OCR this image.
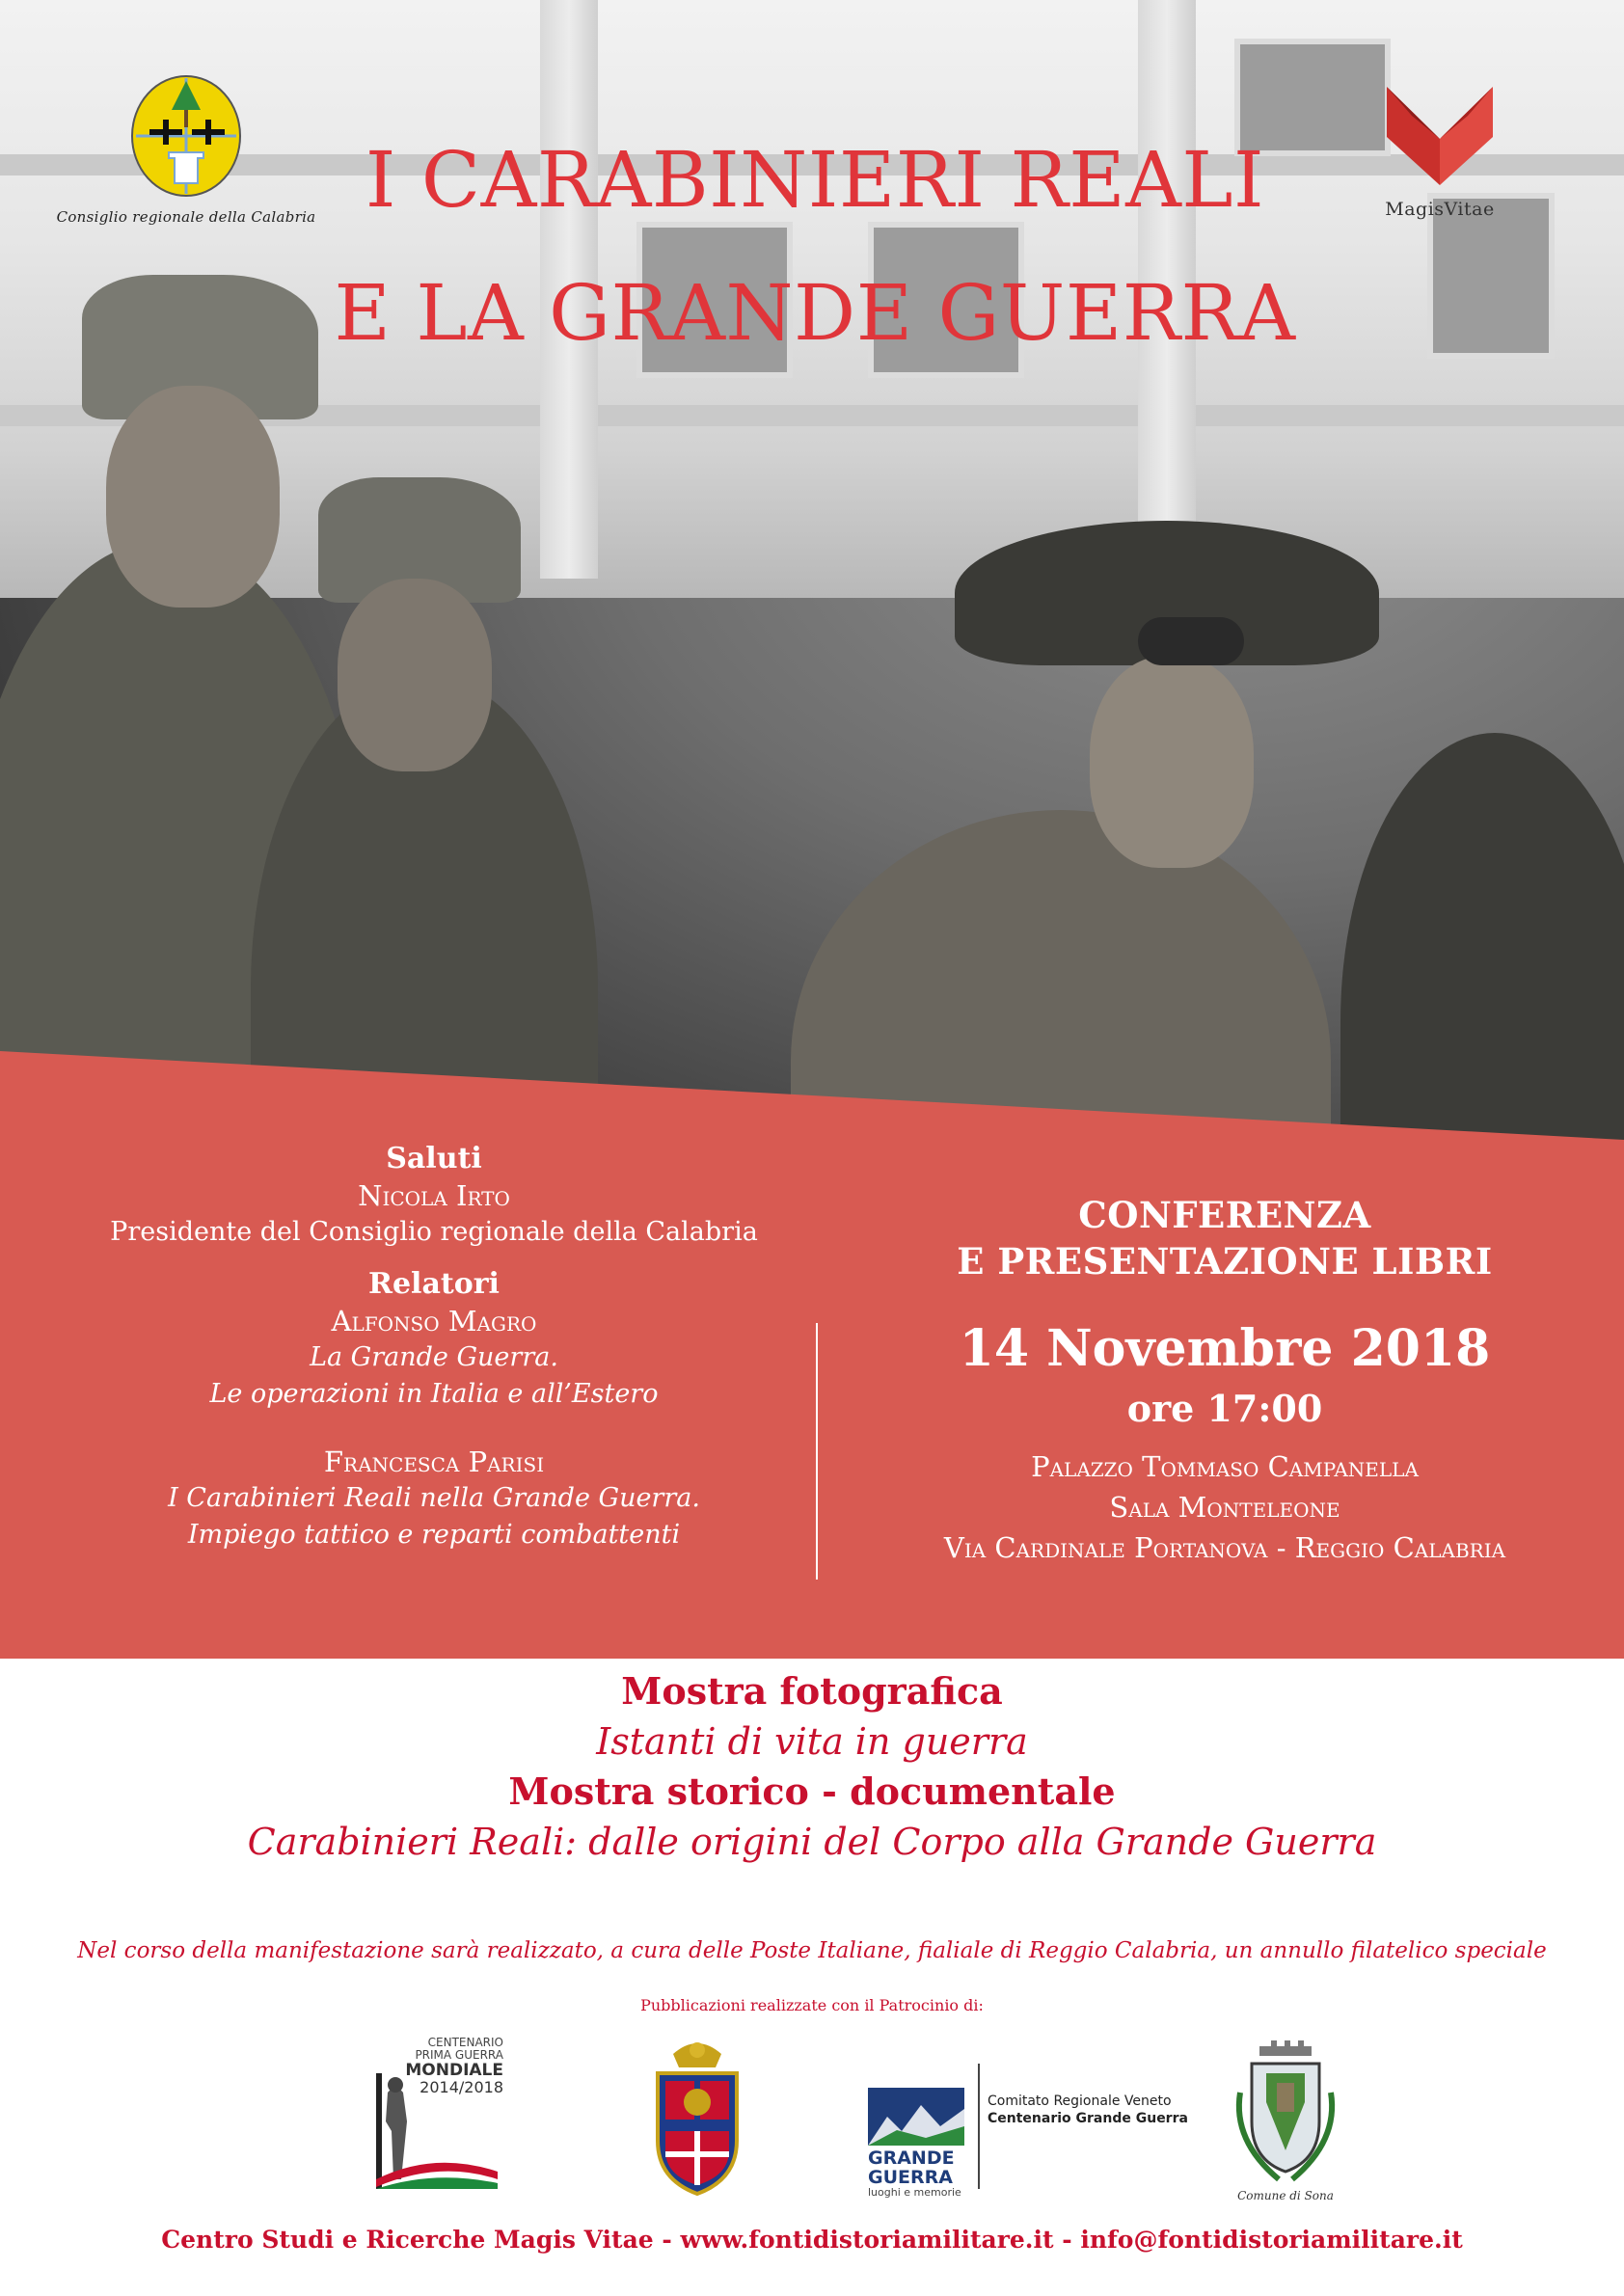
Consiglio regionale della Calabria	MagisVitae
I CARABINIERI REALI
E LA GRANDE GUERRA
Saluti
Nicola Irto
Presidente del Consiglio regionale della Calabria
Relatori
Alfonso Magro
La Grande Guerra.
Le operazioni in Italia e all’Estero
Francesca Parisi
I Carabinieri Reali nella Grande Guerra.
Impiego tattico e reparti combattenti
CONFERENZA
E PRESENTAZIONE LIBRI
14 Novembre 2018
ore 17:00
Palazzo Tommaso Campanella
Sala Monteleone
Via Cardinale Portanova - Reggio Calabria
Mostra fotografica
Istanti di vita in guerra
Mostra storico - documentale
Carabinieri Reali: dalle origini del Corpo alla Grande Guerra
Nel corso della manifestazione sarà realizzato, a cura delle Poste Italiane, fialiale di Reggio Calabria, un annullo filatelico speciale
Pubblicazioni realizzate con il Patrocinio di:
CENTENARIO
PRIMA GUERRA
MONDIALE
2014/2018
GRANDE
GUERRA
luoghi e memorie
Comitato Regionale Veneto
Centenario Grande Guerra
Comune di Sona
Centro Studi e Ricerche Magis Vitae - www.fontidistoriamilitare.it - info@fontidistoriamilitare.it
